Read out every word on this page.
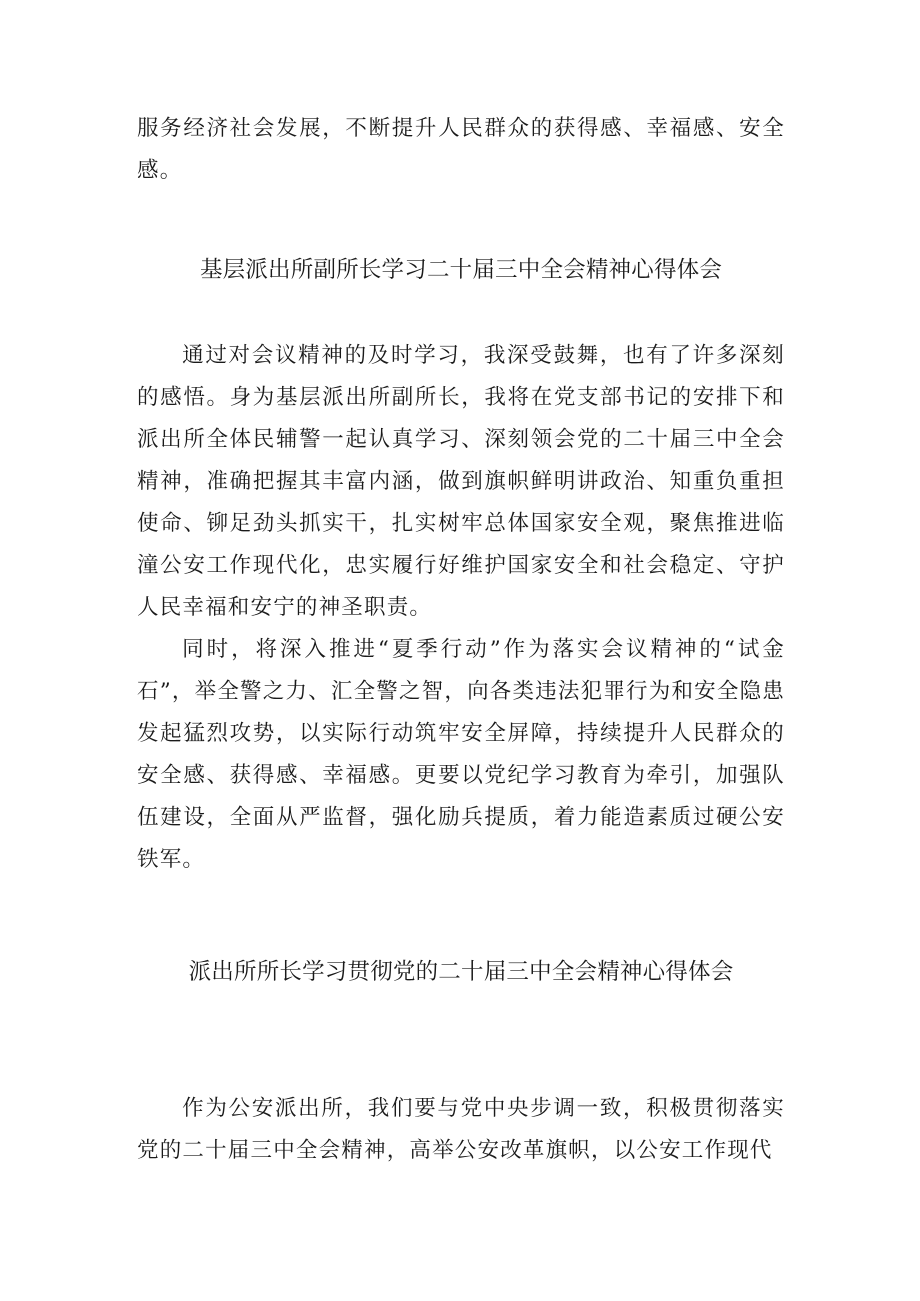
服务经济社会发展，不断提升人民群众的获得感、幸福感、安全感。

基层派出所副所长学习二十届三中全会精神心得体会

通过对会议精神的及时学习，我深受鼓舞，也有了许多深刻的感悟。身为基层派出所副所长，我将在党支部书记的安排下和派出所全体民辅警一起认真学习、深刻领会党的二十届三中全会精神，准确把握其丰富内涵，做到旗帜鲜明讲政治、知重负重担使命、铆足劲头抓实干，扎实树牢总体国家安全观，聚焦推进临潼公安工作现代化，忠实履行好维护国家安全和社会稳定、守护人民幸福和安宁的神圣职责。

同时，将深入推进“夏季行动”作为落实会议精神的“试金石”，举全警之力、汇全警之智，向各类违法犯罪行为和安全隐患发起猛烈攻势，以实际行动筑牢安全屏障，持续提升人民群众的安全感、获得感、幸福感。更要以党纪学习教育为牵引，加强队伍建设，全面从严监督，强化励兵提质，着力能造素质过硬公安铁军。

派出所所长学习贯彻党的二十届三中全会精神心得体会

作为公安派出所，我们要与党中央步调一致，积极贯彻落实党的二十届三中全会精神，高举公安改革旗帜，以公安工作现代
